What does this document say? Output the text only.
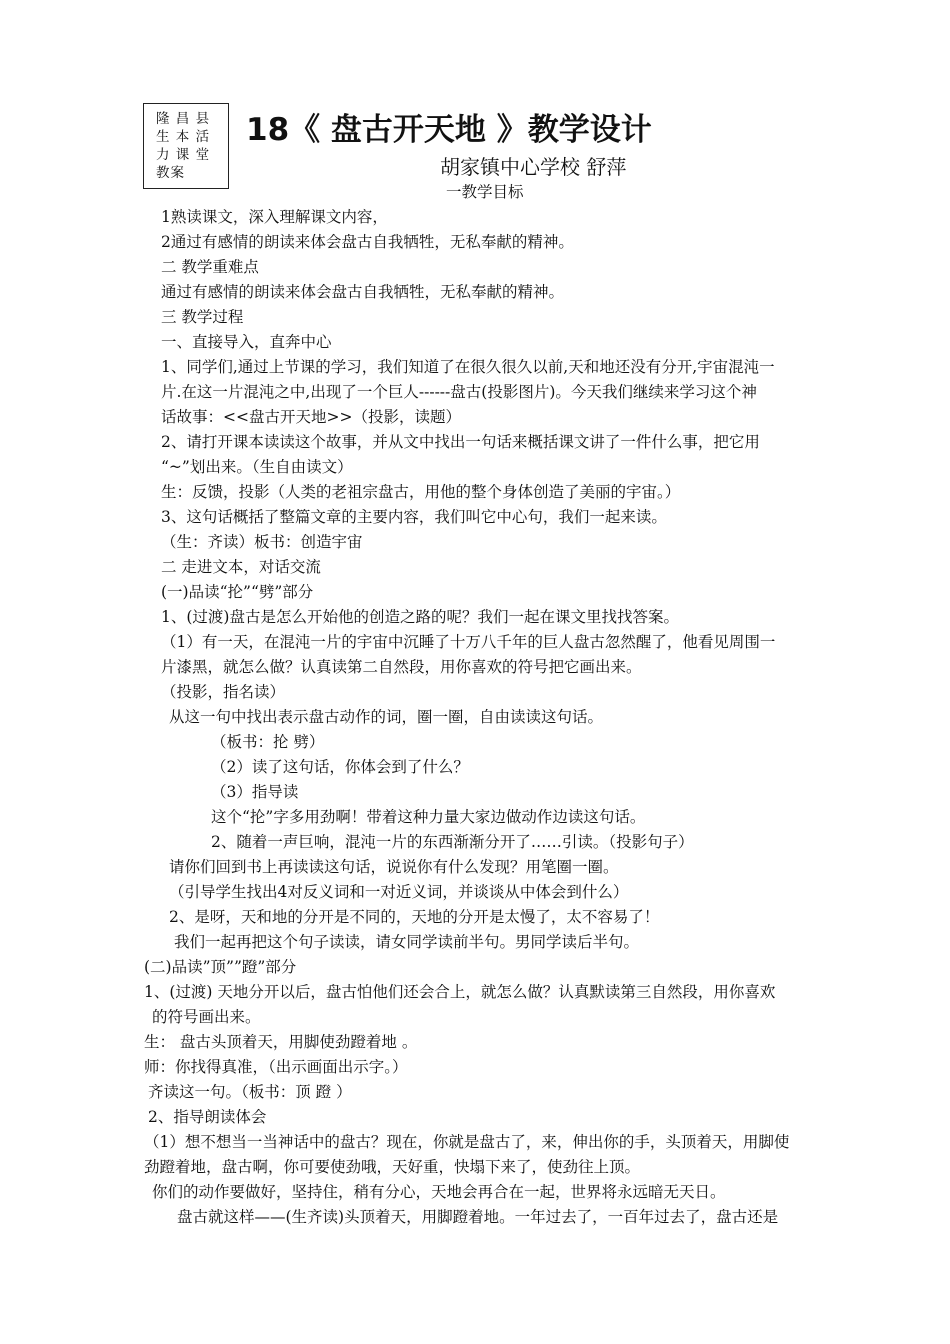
隆 昌 县
生 本 活
力 课 堂
教案
18《 盘古开天地 》教学设计
胡家镇中心学校 舒萍
一教学目标
1熟读课文，深入理解课文内容，
2通过有感情的朗读来体会盘古自我牺牲，无私奉献的精神。
二 教学重难点
通过有感情的朗读来体会盘古自我牺牲，无私奉献的精神。
三 教学过程
一、直接导入，直奔中心
1、同学们,通过上节课的学习，我们知道了在很久很久以前,天和地还没有分开,宇宙混沌一
片.在这一片混沌之中,出现了一个巨人------盘古(投影图片)。今天我们继续来学习这个神
话故事：<<盘古开天地>>（投影，读题）
2、请打开课本读读这个故事，并从文中找出一句话来概括课文讲了一件什么事，把它用
“~”划出来。（生自由读文）
生：反馈，投影（人类的老祖宗盘古，用他的整个身体创造了美丽的宇宙。）
3、这句话概括了整篇文章的主要内容，我们叫它中心句，我们一起来读。
（生：齐读）板书：创造宇宙
二 走进文本，对话交流
(一)品读“抡”“劈”部分
1、(过渡)盘古是怎么开始他的创造之路的呢？我们一起在课文里找找答案。
（1）有一天，在混沌一片的宇宙中沉睡了十万八千年的巨人盘古忽然醒了，他看见周围一
片漆黑，就怎么做？认真读第二自然段，用你喜欢的符号把它画出来。
（投影，指名读）
从这一句中找出表示盘古动作的词，圈一圈，自由读读这句话。
（板书：抡 劈）
（2）读了这句话，你体会到了什么？
（3）指导读
这个“抡”字多用劲啊！带着这种力量大家边做动作边读这句话。
2、随着一声巨响，混沌一片的东西渐渐分开了……引读。（投影句子）
请你们回到书上再读读这句话，说说你有什么发现？用笔圈一圈。
（引导学生找出4对反义词和一对近义词，并谈谈从中体会到什么）
2、是呀，天和地的分开是不同的，天地的分开是太慢了，太不容易了！
我们一起再把这个句子读读，请女同学读前半句。男同学读后半句。
(二)品读”顶””蹬”部分
1、(过渡) 天地分开以后，盘古怕他们还会合上，就怎么做？认真默读第三自然段，用你喜欢
的符号画出来。
生： 盘古头顶着天，用脚使劲蹬着地 。
师：你找得真准，（出示画面出示字。）
齐读这一句。（板书：顶 蹬 ）
2、指导朗读体会
（1）想不想当一当神话中的盘古？现在，你就是盘古了，来，伸出你的手，头顶着天，用脚使
劲蹬着地，盘古啊，你可要使劲哦，天好重，快塌下来了，使劲往上顶。
你们的动作要做好，坚持住，稍有分心，天地会再合在一起，世界将永远暗无天日。
盘古就这样——(生齐读)头顶着天，用脚蹬着地。一年过去了，一百年过去了，盘古还是
